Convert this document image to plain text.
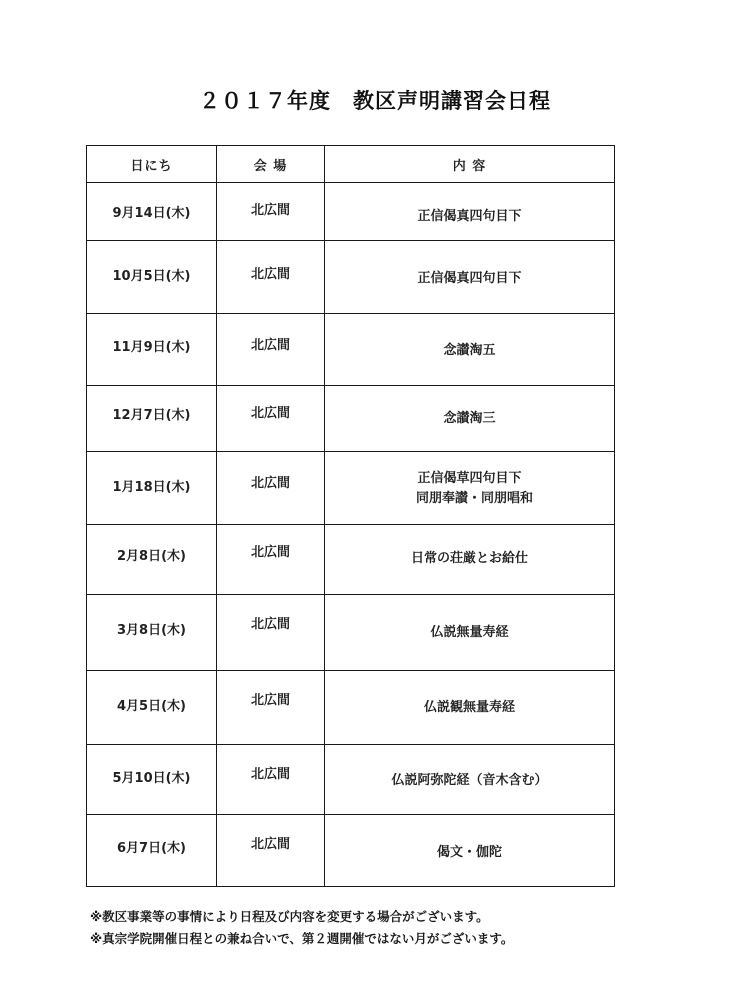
２０１７年度　教区声明講習会日程
日にち	会 場	内 容

9月14日(木)	北広間	正信偈真四句目下

10月5日(木)	北広間	正信偈真四句目下

11月9日(木)	北広間	念讃淘五

12月7日(木)	北広間	念讃淘三

1月18日(木)	北広間	正信偈草四句目下
同朋奉讃・同朋唱和

2月8日(木)	北広間	日常の荘厳とお給仕

3月8日(木)	北広間	仏説無量寿経

4月5日(木)	北広間	仏説観無量寿経

5月10日(木)	北広間	仏説阿弥陀経（音木含む）

6月7日(木)	北広間	偈文・伽陀

※教区事業等の事情により日程及び内容を変更する場合がございます。

※真宗学院開催日程との兼ね合いで、第２週開催ではない月がございます。
